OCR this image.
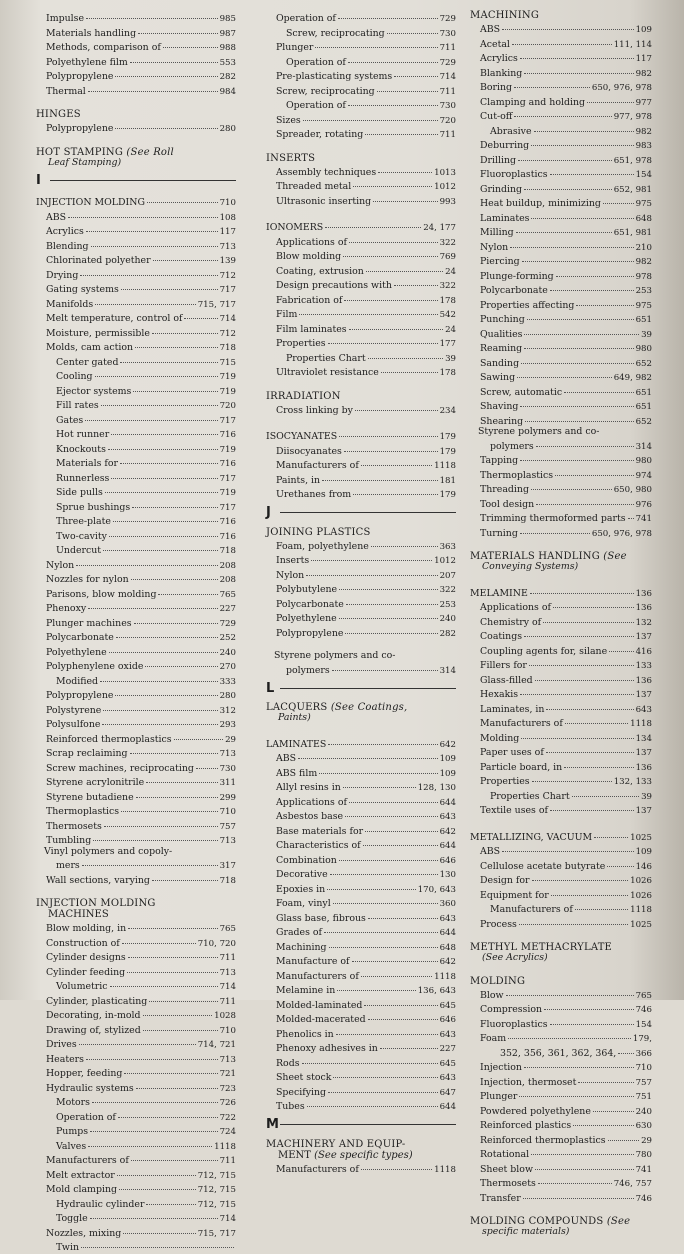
Impulse	985
Materials handling	987
Methods, comparison of	988
Polyethylene film	553
Polypropylene	282
Thermal	984
HINGES
Polypropylene	280
HOT STAMPING (See Roll
Leaf Stamping)
I
INJECTION MOLDING	710
ABS	108
Acrylics	117
Blending	713
Chlorinated polyether	139
Drying	712
Gating systems	717
Manifolds	715, 717
Melt temperature, control of	714
Moisture, permissible	712
Molds, cam action	718
Center gated	715
Cooling	719
Ejector systems	719
Fill rates	720
Gates	717
Hot runner	716
Knockouts	719
Materials for	716
Runnerless	717
Side pulls	719
Sprue bushings	717
Three-plate	716
Two-cavity	716
Undercut	718
Nylon	208
Nozzles for nylon	208
Parisons, blow molding	765
Phenoxy	227
Plunger machines	729
Polycarbonate	252
Polyethylene	240
Polyphenylene oxide	270
Modified	333
Polypropylene	280
Polystyrene	312
Polysulfone	293
Reinforced thermoplastics	29
Scrap reclaiming	713
Screw machines, reciprocating	730
Styrene acrylonitrile	311
Styrene butadiene	299
Thermoplastics	710
Thermosets	757
Tumbling	713
Vinyl polymers and copoly-
mers	317
Wall sections, varying	718
INJECTION MOLDING
MACHINES
Blow molding, in	765
Construction of	710, 720
Cylinder designs	711
Cylinder feeding	713
Volumetric	714
Cylinder, plasticating	711
Decorating, in-mold	1028
Drawing of, stylized	710
Drives	714, 721
Heaters	713
Hopper, feeding	721
Hydraulic systems	723
Motors	726
Operation of	722
Pumps	724
Valves	1118
Manufacturers of	711
Melt extractor	712, 715
Mold clamping	712, 715
Hydraulic cylinder	712, 715
Toggle	714
Nozzles, mixing	715, 717
Twin
Operation of	729
Screw, reciprocating	730
Plunger	711
Operation of	729
Pre-plasticating systems	714
Screw, reciprocating	711
Operation of	730
Sizes	720
Spreader, rotating	711
INSERTS
Assembly techniques	1013
Threaded metal	1012
Ultrasonic inserting	993
IONOMERS	24, 177
Applications of	322
Blow molding	769
Coating, extrusion	24
Design precautions with	322
Fabrication of	178
Film	542
Film laminates	24
Properties	177
Properties Chart	39
Ultraviolet resistance	178
IRRADIATION
Cross linking by	234
ISOCYANATES	179
Diisocyanates	179
Manufacturers of	1118
Paints, in	181
Urethanes from	179
J
JOINING PLASTICS
Foam, polyethylene	363
Inserts	1012
Nylon	207
Polybutylene	322
Polycarbonate	253
Polyethylene	240
Polypropylene	282
Styrene polymers and co-
polymers	314
L
LACQUERS (See Coatings,
Paints)
LAMINATES	642
ABS	109
ABS film	109
Allyl resins in	128, 130
Applications of	644
Asbestos base	643
Base materials for	642
Characteristics of	644
Combination	646
Decorative	130
Epoxies in	170, 643
Foam, vinyl	360
Glass base, fibrous	643
Grades of	644
Machining	648
Manufacture of	642
Manufacturers of	1118
Melamine in	136, 643
Molded-laminated	645
Molded-macerated	646
Phenolics in	643
Phenoxy adhesives in	227
Rods	645
Sheet stock	643
Specifying	647
Tubes	644
M
MACHINERY AND EQUIP-
MENT (See specific types)
Manufacturers of	1118
MACHINING
ABS	109
Acetal	111, 114
Acrylics	117
Blanking	982
Boring	650, 976, 978
Clamping and holding	977
Cut-off	977, 978
Abrasive	982
Deburring	983
Drilling	651, 978
Fluoroplastics	154
Grinding	652, 981
Heat buildup, minimizing	975
Laminates	648
Milling	651, 981
Nylon	210
Piercing	982
Plunge-forming	978
Polycarbonate	253
Properties affecting	975
Punching	651
Qualities	39
Reaming	980
Sanding	652
Sawing	649, 982
Screw, automatic	651
Shaving	651
Shearing	652
Styrene polymers and co-
polymers	314
Tapping	980
Thermoplastics	974
Threading	650, 980
Tool design	976
Trimming thermoformed parts 741
Turning	650, 976, 978
MATERIALS HANDLING (See
Conveying Systems)
MELAMINE	136
Applications of	136
Chemistry of	132
Coatings	137
Coupling agents for, silane	416
Fillers for	133
Glass-filled	136
Hexakis	137
Laminates, in	643
Manufacturers of	1118
Molding	134
Paper uses of	137
Particle board, in	136
Properties	132, 133
Properties Chart	39
Textile uses of	137
METALLIZING, VACUUM	1025
ABS	109
Cellulose acetate butyrate	146
Design for	1026
Equipment for	1026
Manufacturers of	1118
Process	1025
METHYL METHACRYLATE
(See Acrylics)
MOLDING
Blow	765
Compression	746
Fluoroplastics	154
Foam	179,
352, 356, 361, 362, 364, 366
Injection	710
Injection, thermoset	757
Plunger	751
Powdered polyethylene	240
Reinforced plastics	630
Reinforced thermoplastics	29
Rotational	780
Sheet blow	741
Thermosets	746, 757
Transfer	746
MOLDING COMPOUNDS (See
specific materials)
